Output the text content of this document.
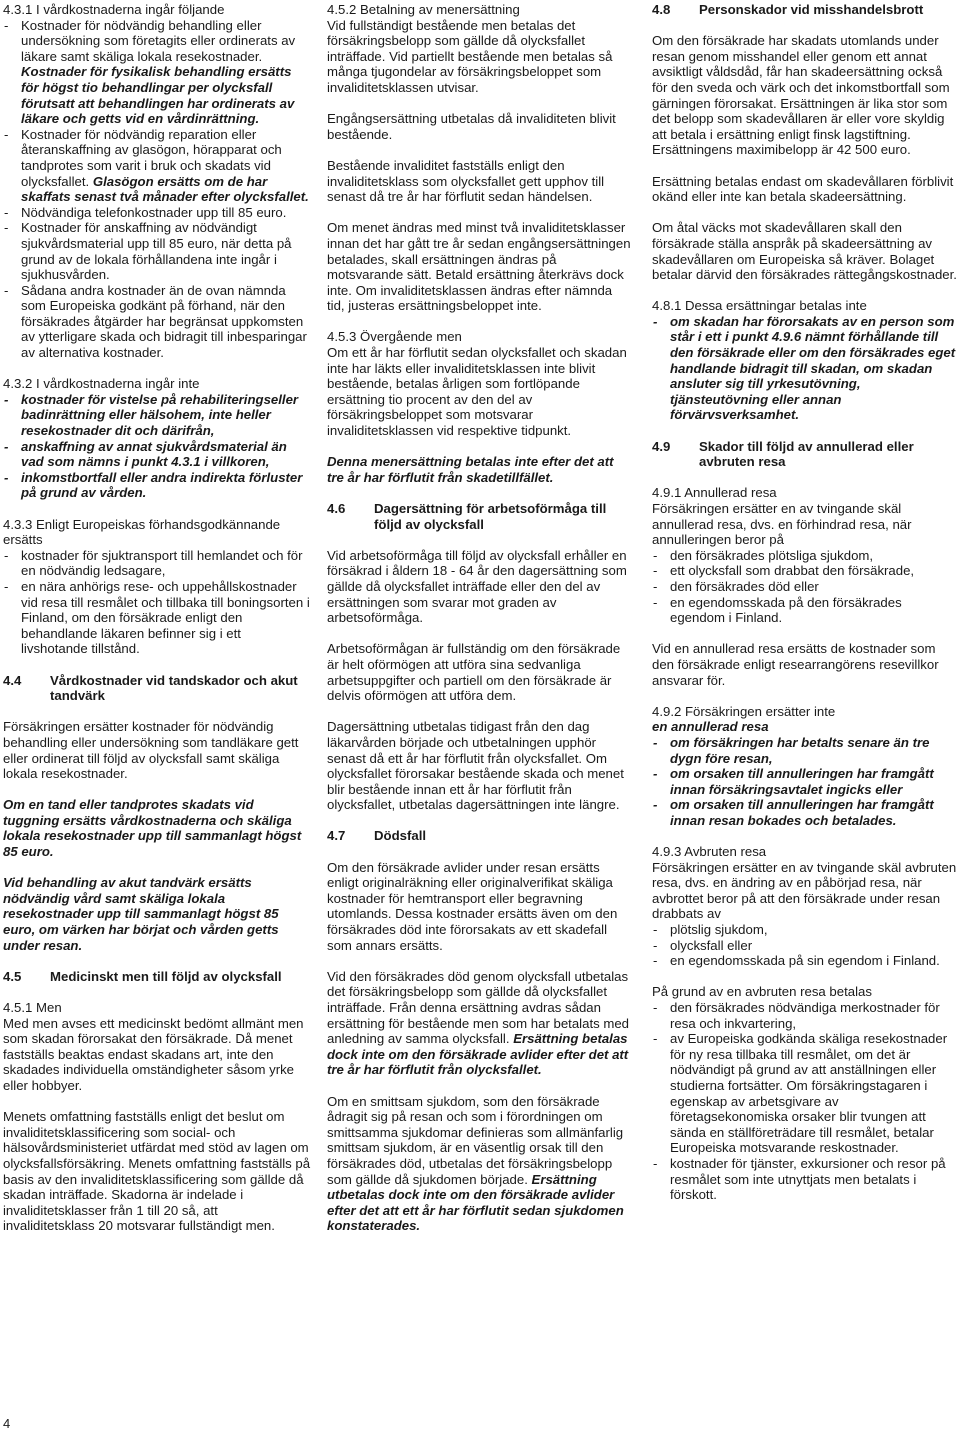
4.3.1 I vårdkostnaderna ingår följande

- Kostnader för nödvändig behandling eller undersökning som företagits eller ordinerats av läkare samt skäliga lokala resekostnader. Kostnader för fysikalisk behandling ersätts för högst tio behandlingar per olycksfall förutsatt att behandlingen har ordinerats av läkare och getts vid en vårdinrättning.
- Kostnader för nödvändig reparation eller återanskaffning av glasögon, hörapparat och tandprotes som varit i bruk och skadats vid olycksfallet. Glasögon ersätts om de har skaffats senast två månader efter olycksfallet.
- Nödvändiga telefonkostnader upp till 85 euro.
- Kostnader för anskaffning av nödvändigt sjukvårdsmaterial upp till 85 euro, när detta på grund av de lokala förhållandena inte ingår i sjukhusvården.
- Sådana andra kostnader än de ovan nämnda som Europeiska godkänt på förhand, när den försäkrades åtgärder har begränsat uppkomsten av ytterligare skada och bidragit till inbesparingar av alternativa kostnader.

4.3.2 I vårdkostnaderna ingår inte

- kostnader för vistelse på rehabiliteringseller badinrättning eller hälsohem, inte heller resekostnader dit och därifrån,
- anskaffning av annat sjukvårdsmaterial än vad som nämns i punkt 4.3.1 i villkoren,
- inkomstbortfall eller andra indirekta förluster på grund av vården.

4.3.3 Enligt Europeiskas förhandsgodkännande ersätts

- kostnader för sjuktransport till hemlandet och för en nödvändig ledsagare,
- en nära anhörigs rese- och uppehållskostnader vid resa till resmålet och tillbaka till boningsorten i Finland, om den försäkrade enligt den behandlande läkaren befinner sig i ett livshotande tillstånd.
4.4	Vårdkostnader vid tandskador och akut tandvärk

Försäkringen ersätter kostnader för nödvändig behandling eller undersökning som tandläkare gett eller ordinerat till följd av olycksfall samt skäliga lokala resekostnader.

Om en tand eller tandprotes skadats vid tuggning ersätts vårdkostnaderna och skäliga lokala resekostnader upp till sammanlagt högst 85 euro.

Vid behandling av akut tandvärk ersätts nödvändig vård samt skäliga lokala resekostnader upp till sammanlagt högst 85 euro, om värken har börjat och vården getts under resan.

4.5	Medicinskt men till följd av olycksfall

4.5.1 Men

Med men avses ett medicinskt bedömt allmänt men som skadan förorsakat den försäkrade. Då menet fastställs beaktas endast skadans art, inte den skadades individuella omständigheter såsom yrke eller hobbyer.

Menets omfattning fastställs enligt det beslut om invaliditetsklassificering som social- och hälsovårdsministeriet utfärdat med stöd av lagen om olycksfallsförsäkring. Menets omfattning fastställs på basis av den invaliditetsklassificering som gällde då skadan inträffade. Skadorna är indelade i invaliditetsklasser från 1 till 20 så, att invaliditetsklass 20 motsvarar fullständigt men.

4.5.2 Betalning av menersättning

Vid fullständigt bestående men betalas det försäkringsbelopp som gällde då olycksfallet inträffade. Vid partiellt bestående men betalas så många tjugondelar av försäkringsbeloppet som invaliditetsklassen utvisar.

Engångsersättning utbetalas då invaliditeten blivit bestående.

Bestående invaliditet fastställs enligt den invaliditetsklass som olycksfallet gett upphov till senast då tre år har förflutit sedan händelsen.

Om menet ändras med minst två invaliditetsklasser innan det har gått tre år sedan engångsersättningen betalades, skall ersättningen ändras på motsvarande sätt. Betald ersättning återkrävs dock inte. Om invaliditetsklassen ändras efter nämnda tid, justeras ersättningsbeloppet inte.

4.5.3 Övergående men

Om ett år har förflutit sedan olycksfallet och skadan inte har läkts eller invaliditetsklassen inte blivit bestående, betalas årligen som fortlöpande ersättning tio procent av den del av försäkringsbeloppet som motsvarar invaliditetsklassen vid respektive tidpunkt.

Denna menersättning betalas inte efter det att tre år har förflutit från skadetillfället.

4.6	Dagersättning för arbetsoförmåga till följd av olycksfall

Vid arbetsoförmåga till följd av olycksfall erhåller en försäkrad i åldern 18 - 64 år den dagersättning som gällde då olycksfallet inträffade eller den del av ersättningen som svarar mot graden av arbetsoförmåga.

Arbetsoförmågan är fullständig om den försäkrade är helt oförmögen att utföra sina sedvanliga arbetsuppgifter och partiell om den försäkrade är delvis oförmögen att utföra dem.

Dagersättning utbetalas tidigast från den dag läkarvården började och utbetalningen upphör senast då ett år har förflutit från olycksfallet. Om olycksfallet förorsakar bestående skada och menet blir bestående innan ett år har förflutit från olycksfallet, utbetalas dagersättningen inte längre.

4.7	Dödsfall

Om den försäkrade avlider under resan ersätts enligt originalräkning eller originalverifikat skäliga kostnader för hemtransport eller begravning utomlands. Dessa kostnader ersätts även om den försäkrades död inte förorsakats av ett skadefall som annars ersätts.

Vid den försäkrades död genom olycksfall utbetalas det försäkringsbelopp som gällde då olycksfallet inträffade. Från denna ersättning avdras sådan ersättning för bestående men som har betalats med anledning av samma olycksfall. Ersättning betalas dock inte om den försäkrade avlider efter det att tre år har förflutit från olycksfallet.

Om en smittsam sjukdom, som den försäkrade ådragit sig på resan och som i förordningen om smittsamma sjukdomar definieras som allmänfarlig smittsam sjukdom, är en väsentlig orsak till den försäkrades död, utbetalas det försäkringsbelopp som gällde då sjukdomen började. Ersättning utbetalas dock inte om den försäkrade avlider efter det att ett år har förflutit sedan sjukdomen konstaterades.

4.8	Personskador vid misshandelsbrott

Om den försäkrade har skadats utomlands under resan genom misshandel eller genom ett annat avsiktligt våldsdåd, får han skadeersättning också för den sveda och värk och det inkomstbortfall som gärningen förorsakat. Ersättningen är lika stor som det belopp som skadevållaren är eller vore skyldig att betala i ersättning enligt finsk lagstiftning. Ersättningens maximibelopp är 42 500 euro.

Ersättning betalas endast om skadevållaren förblivit okänd eller inte kan betala skadeersättning.

Om åtal väcks mot skadevållaren skall den försäkrade ställa anspråk på skadeersättning av skadevållaren om Europeiska så kräver. Bolaget betalar därvid den försäkrades rättegångskostnader.

4.8.1 Dessa ersättningar betalas inte

- om skadan har förorsakats av en person som står i ett i punkt 4.9.6 nämnt förhållande till den försäkrade eller om den försäkrades eget handlande bidragit till skadan, om skadan ansluter sig till yrkesutövning, tjänsteutövning eller annan förvärvsverksamhet.
4.9	Skador till följd av annullerad eller avbruten resa

4.9.1 Annullerad resa

Försäkringen ersätter en av tvingande skäl annullerad resa, dvs. en förhindrad resa, när annulleringen beror på

- den försäkrades plötsliga sjukdom,
- ett olycksfall som drabbat den försäkrade,
- den försäkrades död eller
- en egendomsskada på den försäkrades egendom i Finland.

Vid en annullerad resa ersätts de kostnader som den försäkrade enligt researrangörens resevillkor ansvarar för.

4.9.2 Försäkringen ersätter inte

en annullerad resa

- om försäkringen har betalts senare än tre dygn före resan,
- om orsaken till annulleringen har framgått innan försäkringsavtalet ingicks eller
- om orsaken till annulleringen har framgått innan resan bokades och betalades.

4.9.3 Avbruten resa

Försäkringen ersätter en av tvingande skäl avbruten resa, dvs. en ändring av en påbörjad resa, när avbrottet beror på att den försäkrade under resan drabbats av

- plötslig sjukdom,
- olycksfall eller
- en egendomsskada på sin egendom i Finland.

På grund av en avbruten resa betalas

- den försäkrades nödvändiga merkostnader för resa och inkvartering,
- av Europeiska godkända skäliga resekostnader för ny resa tillbaka till resmålet, om det är nödvändigt på grund av att anställningen eller studierna fortsätter. Om försäkringstagaren i egenskap av arbetsgivare av företagsekonomiska orsaker blir tvungen att sända en ställföreträdare till resmålet, betalar Europeiska motsvarande reskostnader.
- kostnader för tjänster, exkursioner och resor på resmålet som inte utnyttjats men betalats i förskott.
4
